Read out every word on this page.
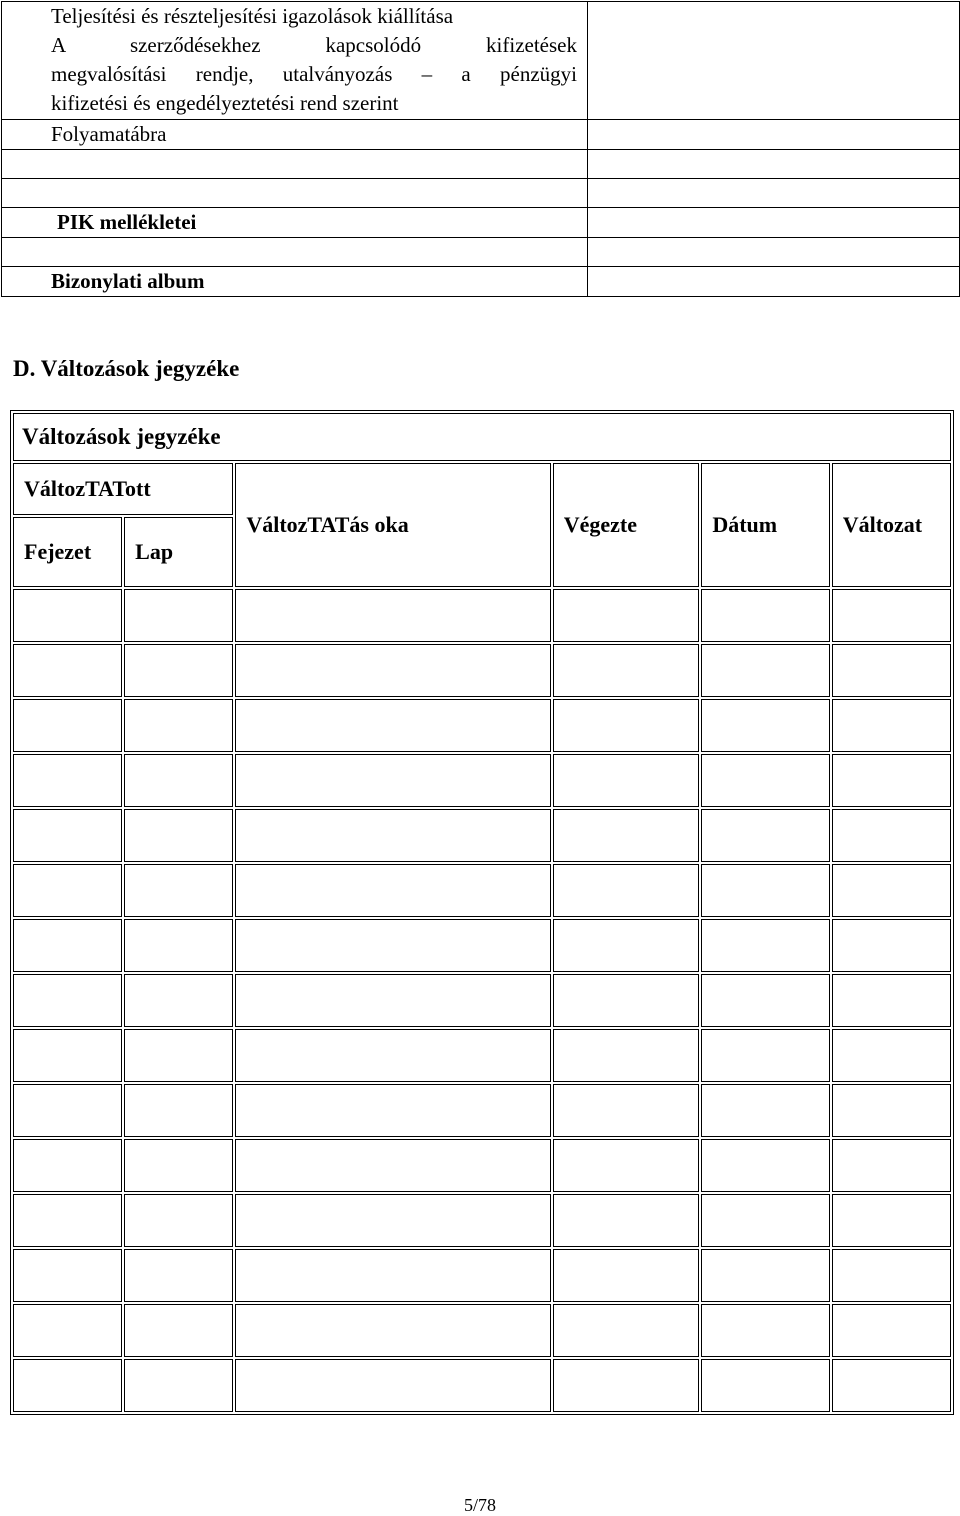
Teljesítési és részteljesítési igazolások kiállítása
A szerződésekhez kapcsolódó kifizetések
megvalósítási rendje, utalványozás – a pénzügyi
kifizetési és engedélyeztetési rend szerint	

Folyamatábra	

PIK mellékletei	

Bizonylati album	
D. Változások jegyzéke
Változások jegyzéke					
VáltozTATott		VáltozTATás oka	Végezte	Dátum	Változat
Fejezet	Lap				

5/78
